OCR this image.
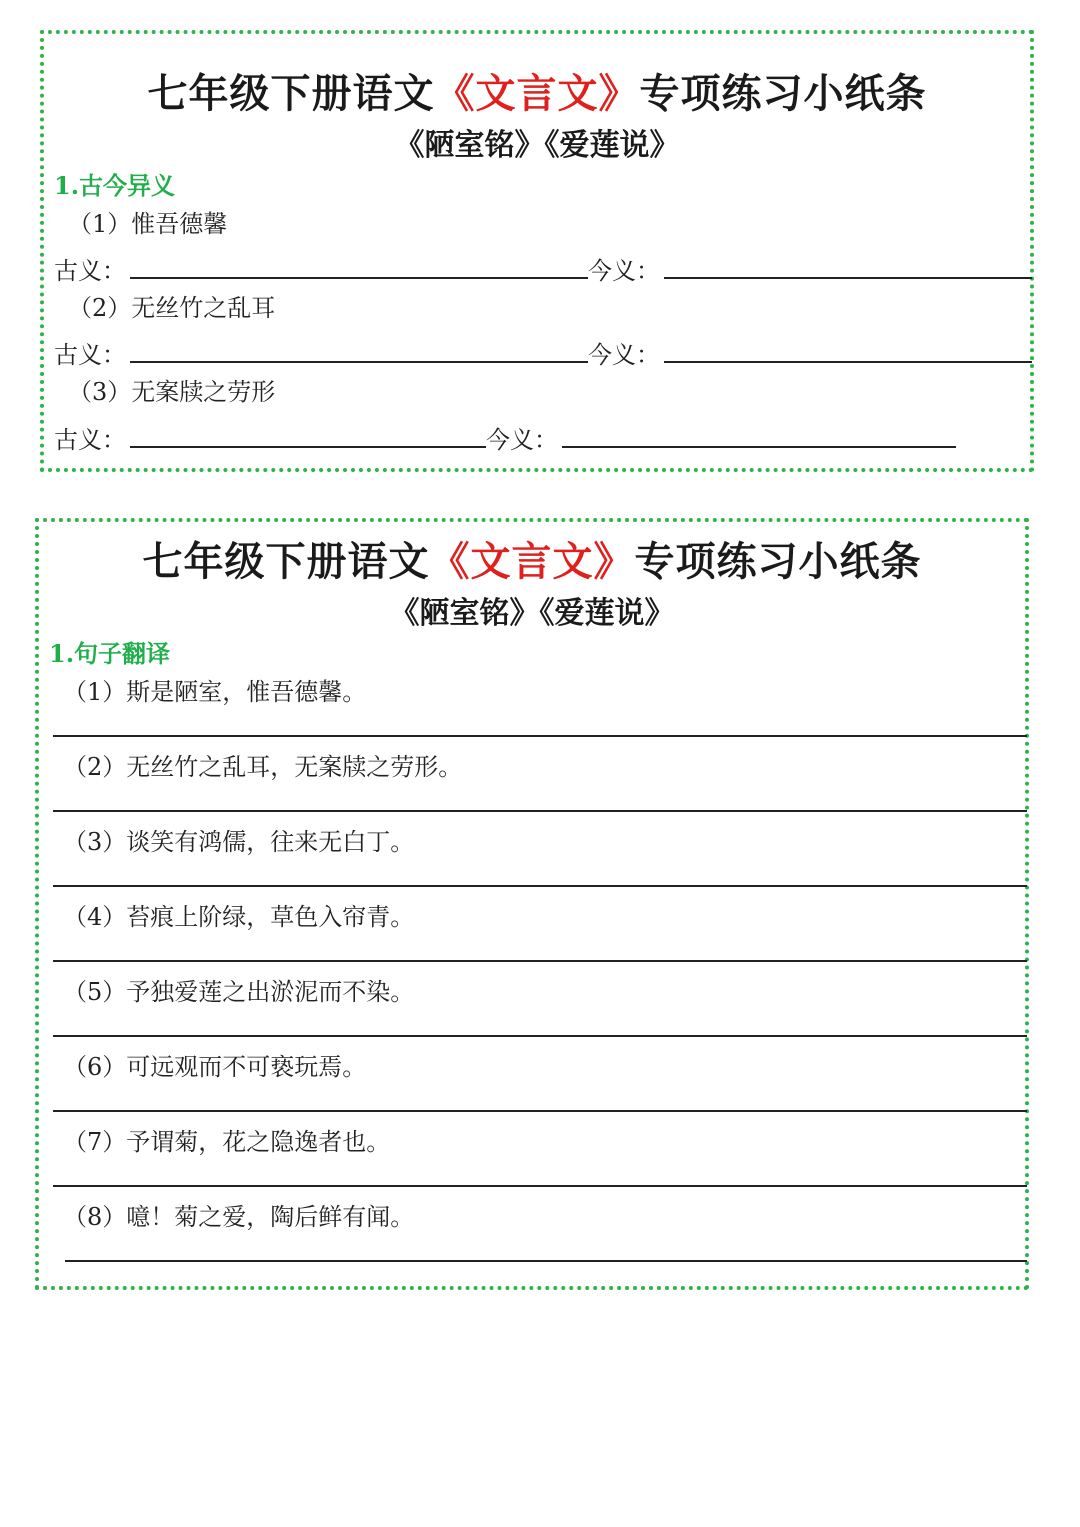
七年级下册语文《文言文》专项练习小纸条
《陋室铭》《爱莲说》
1.古今异义
（1）惟吾德馨
古义：	今义：
（2）无丝竹之乱耳
古义：	今义：
（3）无案牍之劳形
古义：	今义：
七年级下册语文《文言文》专项练习小纸条
《陋室铭》《爱莲说》
1.句子翻译
（1）斯是陋室，惟吾德馨。
（2）无丝竹之乱耳，无案牍之劳形。
（3）谈笑有鸿儒，往来无白丁。
（4）苔痕上阶绿，草色入帘青。
（5）予独爱莲之出淤泥而不染。
（6）可远观而不可亵玩焉。
（7）予谓菊，花之隐逸者也。
（8）噫！菊之爱，陶后鲜有闻。
